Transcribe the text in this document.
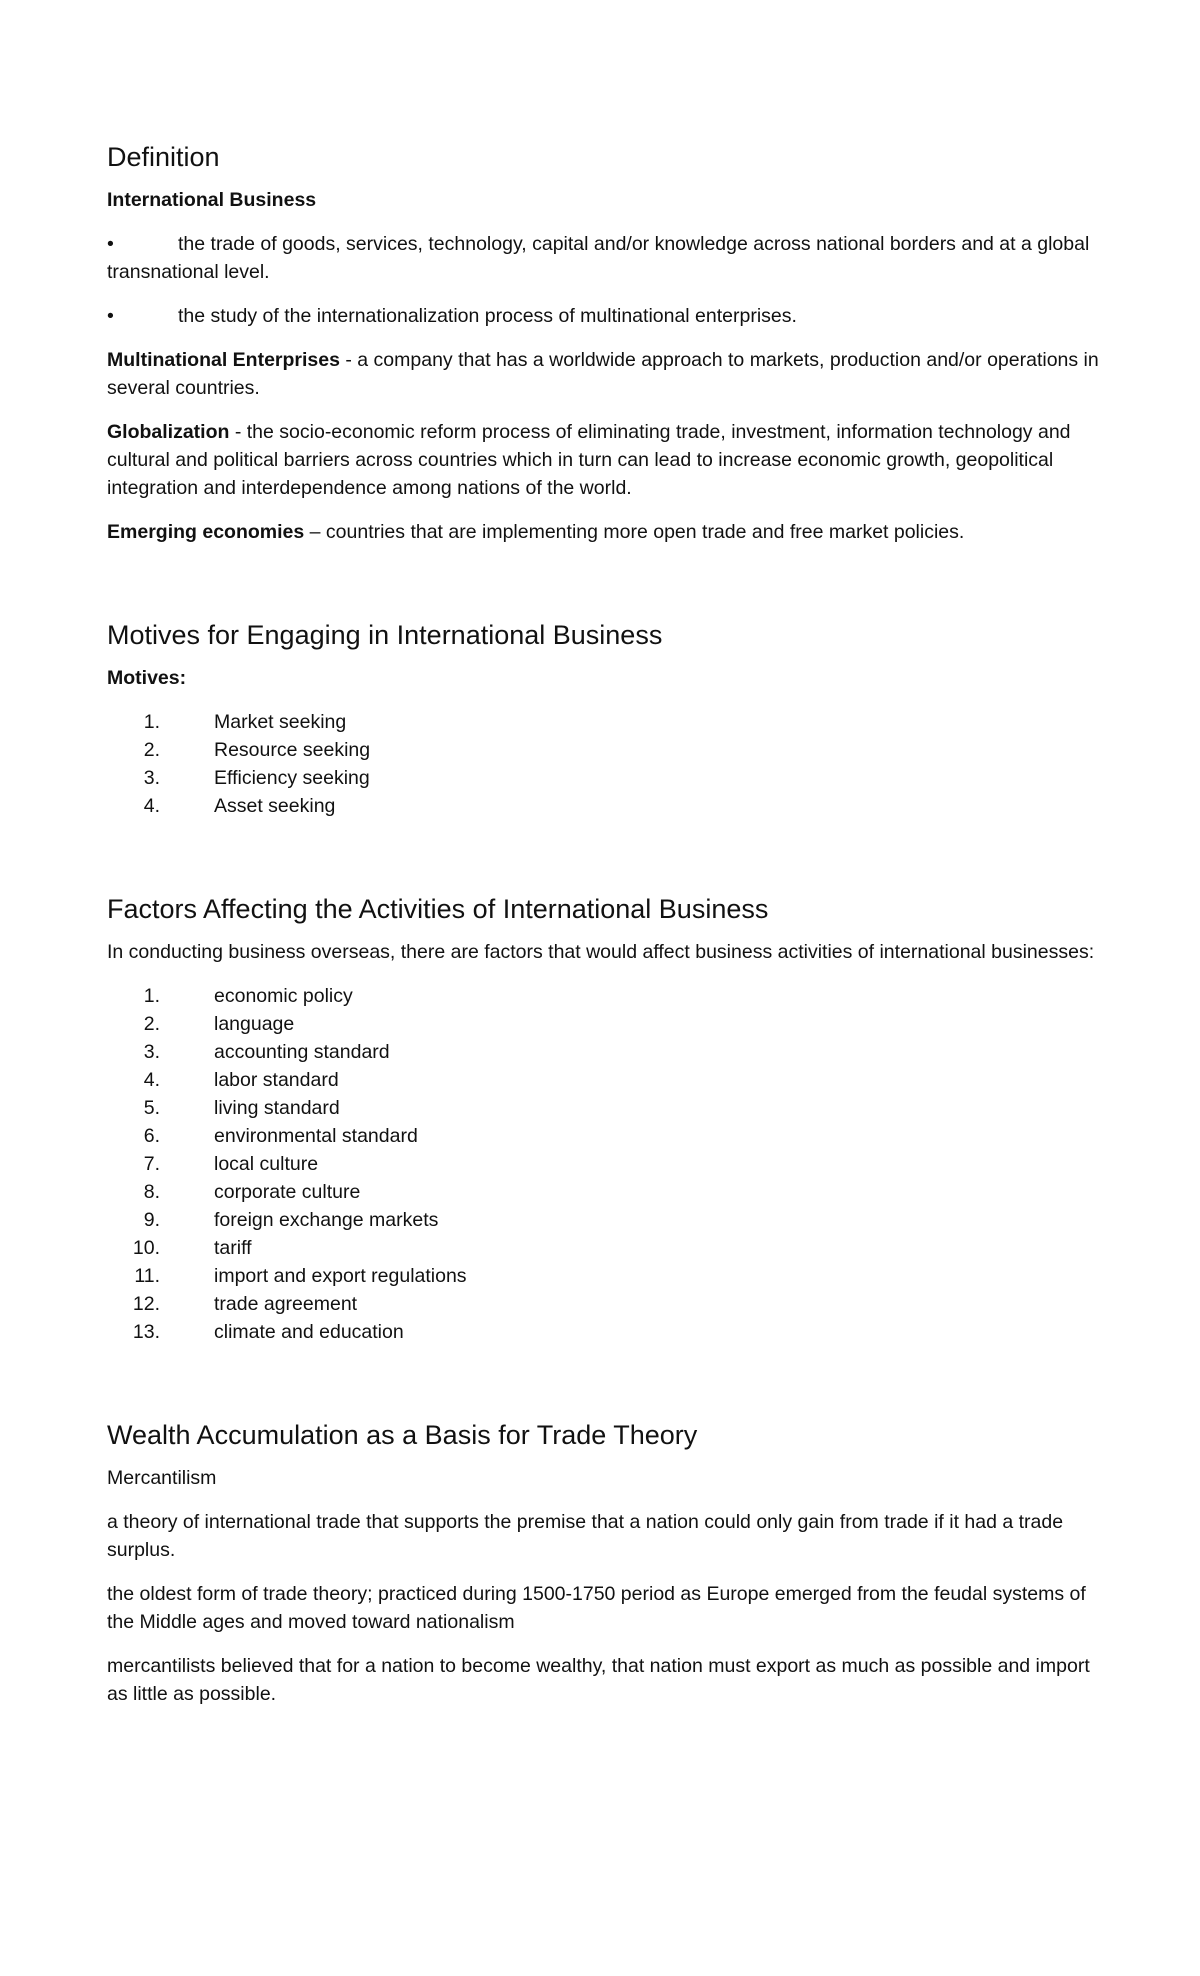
Definition

International Business

•	the trade of goods, services, technology, capital and/or knowledge across national borders and at a global transnational level.

•	the study of the internationalization process of multinational enterprises.

Multinational Enterprises - a company that has a worldwide approach to markets, production and/or operations in several countries.

Globalization - the socio-economic reform process of eliminating trade, investment, information technology and cultural and political barriers across countries which in turn can lead to increase economic growth, geopolitical integration and interdependence among nations of the world.

Emerging economies – countries that are implementing more open trade and free market policies.

Motives for Engaging in International Business

Motives:

1.	Market seeking
2.	Resource seeking
3.	Efficiency seeking
4.	Asset seeking
Factors Affecting the Activities of International Business

In conducting business overseas, there are factors that would affect business activities of international businesses:

1.	economic policy
2.	language
3.	accounting standard
4.	labor standard
5.	living standard
6.	environmental standard
7.	local culture
8.	corporate culture
9.	foreign exchange markets
10.	tariff
11.	import and export regulations
12.	trade agreement
13.	climate and education
Wealth Accumulation as a Basis for Trade Theory

Mercantilism

a theory of international trade that supports the premise that a nation could only gain from trade if it had a trade surplus.

the oldest form of trade theory; practiced during 1500-1750 period as Europe emerged from the feudal systems of the Middle ages and moved toward nationalism

mercantilists believed that for a nation to become wealthy, that nation must export as much as possible and import as little as possible.
